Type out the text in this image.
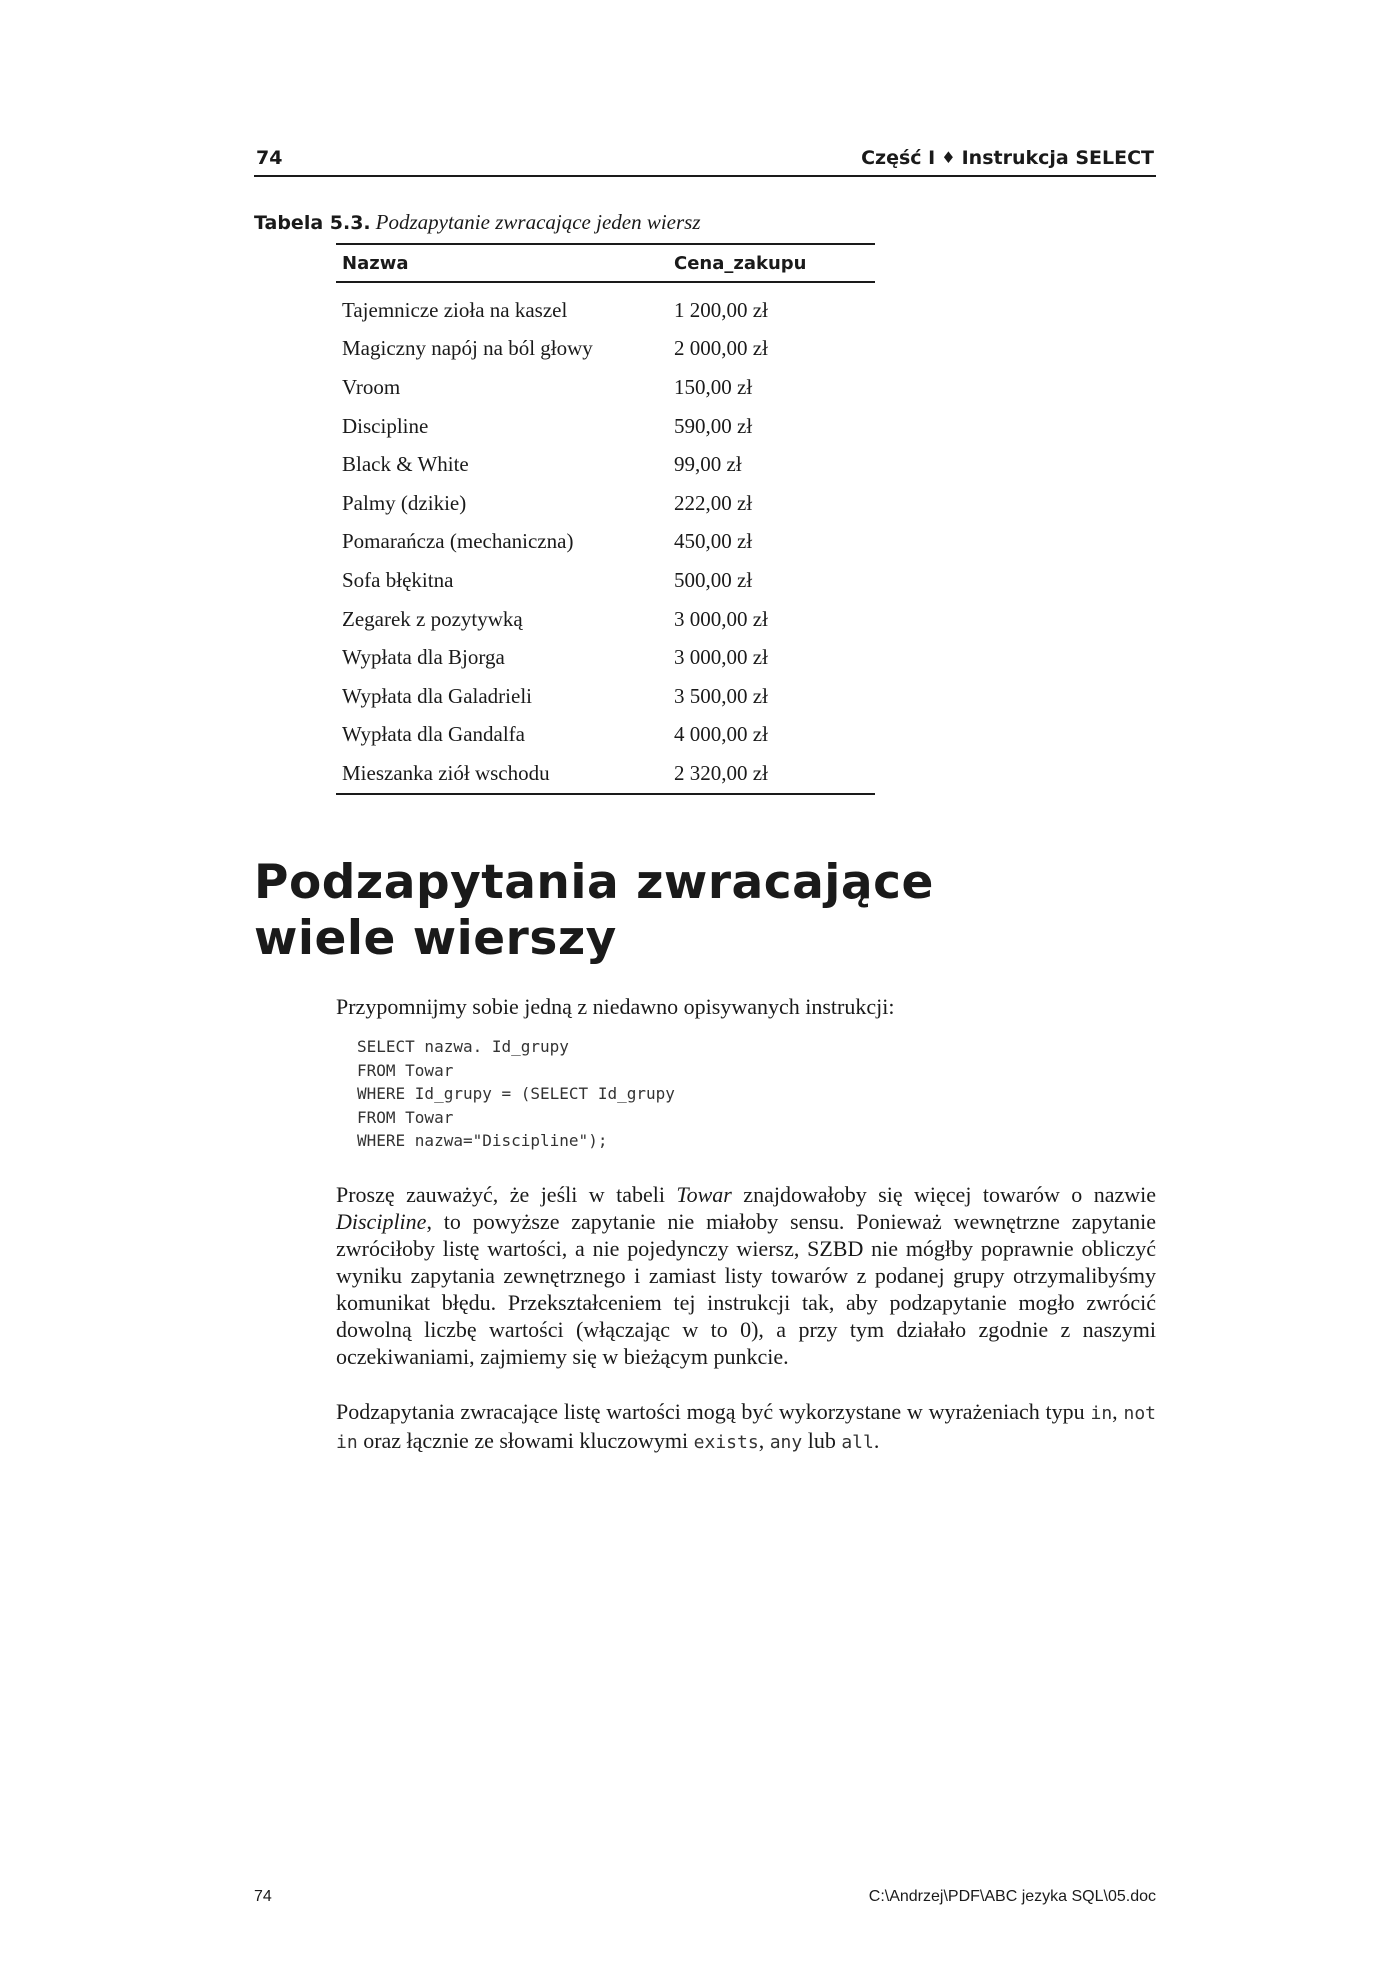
74	Część I ♦ Instrukcja SELECT
Tabela 5.3. Podzapytanie zwracające jeden wiersz
Nazwa	Cena_zakupu
Tajemnicze zioła na kaszel	1 200,00 zł
Magiczny napój na ból głowy	2 000,00 zł
Vroom	150,00 zł
Discipline	590,00 zł
Black & White	99,00 zł
Palmy (dzikie)	222,00 zł
Pomarańcza (mechaniczna)	450,00 zł
Sofa błękitna	500,00 zł
Zegarek z pozytywką	3 000,00 zł
Wypłata dla Bjorga	3 000,00 zł
Wypłata dla Galadrieli	3 500,00 zł
Wypłata dla Gandalfa	4 000,00 zł
Mieszanka ziół wschodu	2 320,00 zł
Podzapytania zwracające
wiele wierszy

Przypomnijmy sobie jedną z niedawno opisywanych instrukcji:

SELECT nazwa. Id_grupy
FROM Towar
WHERE Id_grupy = (SELECT Id_grupy
FROM Towar
WHERE nazwa="Discipline");

Proszę zauważyć, że jeśli w tabeli Towar znajdowałoby się więcej towarów o nazwie Discipline, to powyższe zapytanie nie miałoby sensu. Ponieważ wewnętrzne zapytanie zwróciłoby listę wartości, a nie pojedynczy wiersz, SZBD nie mógłby poprawnie obliczyć wyniku zapytania zewnętrznego i zamiast listy towarów z podanej grupy otrzymalibyśmy komunikat błędu. Przekształceniem tej instrukcji tak, aby podzapytanie mogło zwrócić dowolną liczbę wartości (włączając w to 0), a przy tym działało zgodnie z naszymi oczekiwaniami, zajmiemy się w bieżącym punkcie.

Podzapytania zwracające listę wartości mogą być wykorzystane w wyrażeniach typu in, not in oraz łącznie ze słowami kluczowymi exists, any lub all.

74	C:\Andrzej\PDF\ABC jezyka SQL\05.doc
